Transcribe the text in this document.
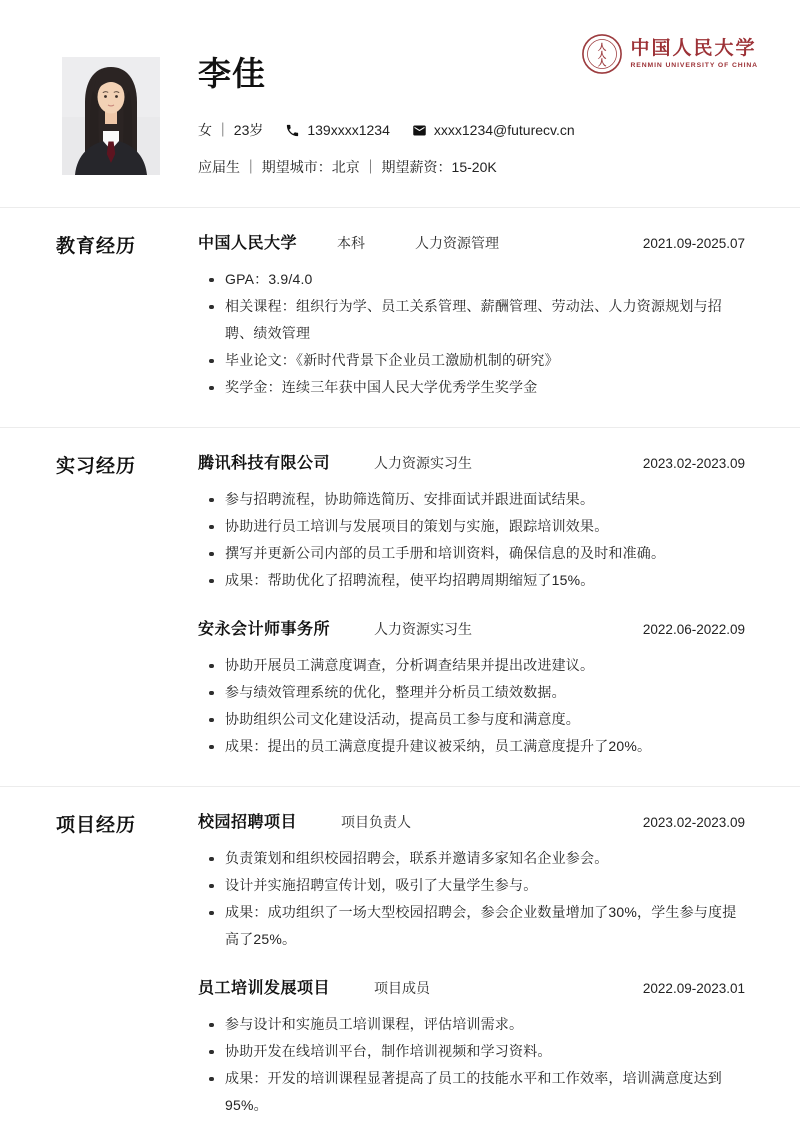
李佳
女 ｜ 23岁	139xxxx1234	xxxx1234@futurecv.cn
应届生 ｜ 期望城市：北京 ｜ 期望薪资：15-20K
人
人
人
中国人民大学
RENMIN UNIVERSITY OF CHINA
教育经历	中国人民大学	本科	人力资源管理	2021.09-2025.07
GPA：3.9/4.0
相关课程：组织行为学、员工关系管理、薪酬管理、劳动法、人力资源规划与招聘、绩效管理
毕业论文：《新时代背景下企业员工激励机制的研究》
奖学金：连续三年获中国人民大学优秀学生奖学金
实习经历	腾讯科技有限公司	人力资源实习生	2023.02-2023.09
参与招聘流程，协助筛选简历、安排面试并跟进面试结果。
协助进行员工培训与发展项目的策划与实施，跟踪培训效果。
撰写并更新公司内部的员工手册和培训资料，确保信息的及时和准确。
成果：帮助优化了招聘流程，使平均招聘周期缩短了15%。
安永会计师事务所	人力资源实习生	2022.06-2022.09
协助开展员工满意度调查，分析调查结果并提出改进建议。
参与绩效管理系统的优化，整理并分析员工绩效数据。
协助组织公司文化建设活动，提高员工参与度和满意度。
成果：提出的员工满意度提升建议被采纳，员工满意度提升了20%。
项目经历	校园招聘项目	项目负责人	2023.02-2023.09
负责策划和组织校园招聘会，联系并邀请多家知名企业参会。
设计并实施招聘宣传计划，吸引了大量学生参与。
成果：成功组织了一场大型校园招聘会，参会企业数量增加了30%，学生参与度提高了25%。
员工培训发展项目	项目成员	2022.09-2023.01
参与设计和实施员工培训课程，评估培训需求。
协助开发在线培训平台，制作培训视频和学习资料。
成果：开发的培训课程显著提高了员工的技能水平和工作效率，培训满意度达到95%。
